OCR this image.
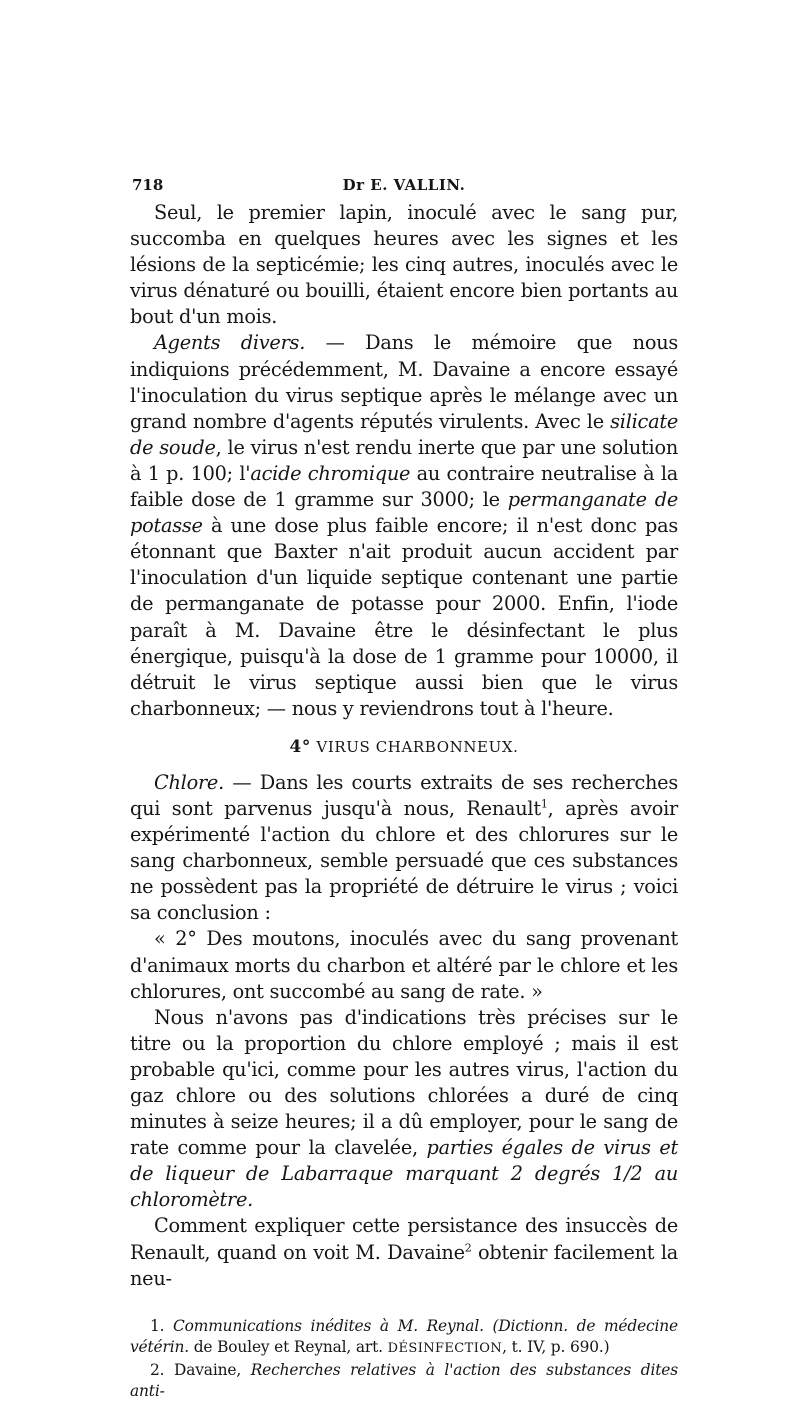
718	Dr E. VALLIN.

Seul, le premier lapin, inoculé avec le sang pur, succomba en quelques heures avec les signes et les lésions de la septicémie; les cinq autres, inoculés avec le virus dénaturé ou bouilli, étaient encore bien portants au bout d'un mois.

Agents divers. — Dans le mémoire que nous indiquions précédemment, M. Davaine a encore essayé l'inoculation du virus septique après le mélange avec un grand nombre d'agents réputés virulents. Avec le silicate de soude, le virus n'est rendu inerte que par une solution à 1 p. 100; l'acide chromique au contraire neutralise à la faible dose de 1 gramme sur 3000; le permanganate de potasse à une dose plus faible encore; il n'est donc pas étonnant que Baxter n'ait produit aucun accident par l'inoculation d'un liquide septique contenant une partie de permanganate de potasse pour 2000. Enfin, l'iode paraît à M. Davaine être le désinfectant le plus énergique, puisqu'à la dose de 1 gramme pour 10000, il détruit le virus septique aussi bien que le virus charbonneux; — nous y reviendrons tout à l'heure.

4° VIRUS CHARBONNEUX.

Chlore. — Dans les courts extraits de ses recherches qui sont parvenus jusqu'à nous, Renault$^1$, après avoir expérimenté l'action du chlore et des chlorures sur le sang charbonneux, semble persuadé que ces substances ne possèdent pas la propriété de détruire le virus ; voici sa conclusion :

« 2° Des moutons, inoculés avec du sang provenant d'animaux morts du charbon et altéré par le chlore et les chlorures, ont succombé au sang de rate. »

Nous n'avons pas d'indications très précises sur le titre ou la proportion du chlore employé ; mais il est probable qu'ici, comme pour les autres virus, l'action du gaz chlore ou des solutions chlorées a duré de cinq minutes à seize heures; il a dû employer, pour le sang de rate comme pour la clavelée, parties égales de virus et de liqueur de Labarraque marquant 2 degrés 1/2 au chloromètre.

Comment expliquer cette persistance des insuccès de Renault, quand on voit M. Davaine$^2$ obtenir facilement la neu-

1. Communications inédites à M. Reynal. (Dictionn. de médecine vétérin. de Bouley et Reynal, art. DÉSINFECTION, t. IV, p. 690.)

2. Davaine, Recherches relatives à l'action des substances dites anti-
